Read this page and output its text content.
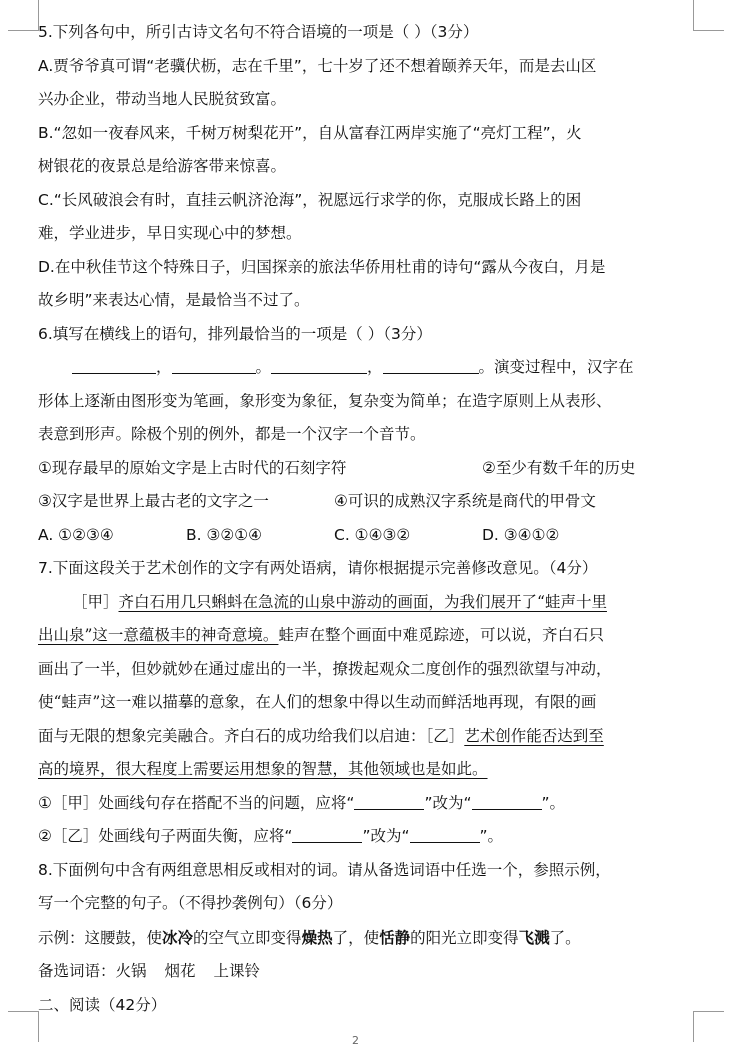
5.下列各句中，所引古诗文名句不符合语境的一项是（ ）（3分）
A.贾爷爷真可谓“老骥伏枥，志在千里”，七十岁了还不想着颐养天年，而是去山区
兴办企业，带动当地人民脱贫致富。
B.“忽如一夜春风来，千树万树梨花开”，自从富春江两岸实施了“亮灯工程”，火
树银花的夜景总是给游客带来惊喜。
C.“长风破浪会有时，直挂云帆济沧海”，祝愿远行求学的你，克服成长路上的困
难，学业进步，早日实现心中的梦想。
D.在中秋佳节这个特殊日子，归国探亲的旅法华侨用杜甫的诗句“露从今夜白，月是
故乡明”来表达心情，是最恰当不过了。
6.填写在横线上的语句，排列最恰当的一项是（ ）（3分）
，	。	，	。演变过程中，汉字在
形体上逐渐由图形变为笔画，象形变为象征，复杂变为简单；在造字原则上从表形、
表意到形声。除极个别的例外，都是一个汉字一个音节。
①现存最早的原始文字是上古时代的石刻字符	②至少有数千年的历史
③汉字是世界上最古老的文字之一	④可识的成熟汉字系统是商代的甲骨文
A. ①②③④	B. ③②①④	C. ①④③②	D. ③④①②
7.下面这段关于艺术创作的文字有两处语病，请你根据提示完善修改意见。（4分）
［甲］齐白石用几只蝌蚪在急流的山泉中游动的画面，为我们展开了“蛙声十里
出山泉”这一意蕴极丰的神奇意境。蛙声在整个画面中难觅踪迹，可以说，齐白石只
画出了一半，但妙就妙在通过虚出的一半，撩拨起观众二度创作的强烈欲望与冲动，
使“蛙声”这一难以描摹的意象，在人们的想象中得以生动而鲜活地再现，有限的画
面与无限的想象完美融合。齐白石的成功给我们以启迪：［乙］艺术创作能否达到至
高的境界，很大程度上需要运用想象的智慧，其他领域也是如此。
①［甲］处画线句存在搭配不当的问题，应将“	”改为“	”。
②［乙］处画线句子两面失衡，应将“	”改为“	”。
8.下面例句中含有两组意思相反或相对的词。请从备选词语中任选一个，参照示例，
写一个完整的句子。（不得抄袭例句）（6分）
示例：这腰鼓，使冰冷的空气立即变得燥热了，使恬静的阳光立即变得飞溅了。
备选词语：火锅 烟花 上课铃
二、阅读（42分）
2
